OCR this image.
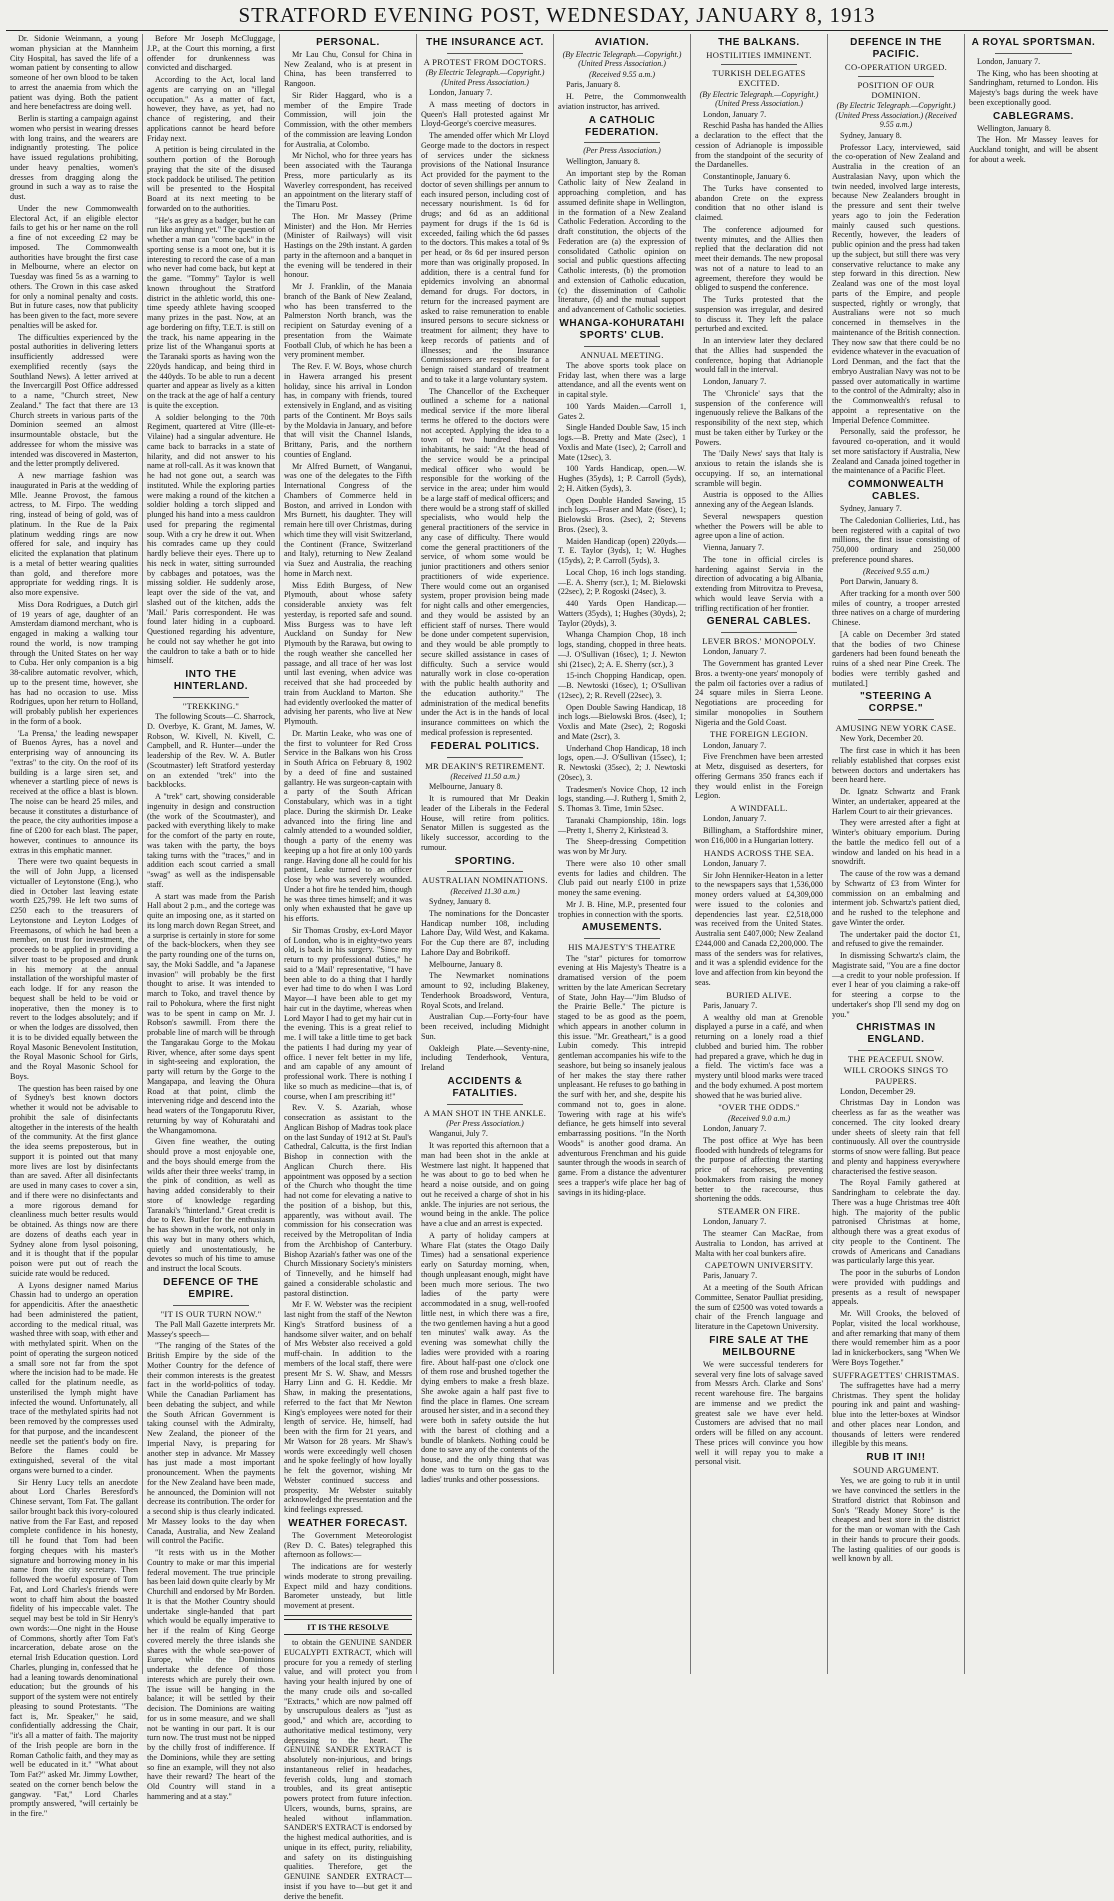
STRATFORD EVENING POST, WEDNESDAY, JANUARY 8, 1913

Dr. Sidonie Weinmann, a young woman physician at the Mannheim City Hospital, has saved the life of a woman patient by consenting to allow someone of her own blood to be taken to arrest the anaemia from which the patient was dying. Both the patient and here benefactress are doing well.

Berlin is starting a campaign against women who persist in wearing dresses with long trains, and the wearers are indignantly protesting. The police have issued regulations prohibiting, under heavy penalties, women's dresses from dragging along the ground in such a way as to raise the dust.

Under the new Commonwealth Electoral Act, if an eligible elector fails to get his or her name on the roll a fine of not exceeding £2 may be imposed. The Commonwealth authorities have brought the first case in Melbourne, where an elector on Tuesday was fined 5s as a warning to others. The Crown in this case asked for only a nominal penalty and costs. But in future cases, now that publicity has been given to the fact, more severe penalties will be asked for.

The difficulties experienced by the postal authorities in delivering letters insufficiently addressed were exemplified recently (says the Southland News). A letter arrived at the Invercargill Post Office addressed to a name, "Church street, New Zealand." The fact that there are 13 Church streets in various parts of the Dominion seemed an almost insurmountable obstacle, but the addressee for whom the missive was intended was discovered in Masterton, and the letter promptly delivered.

A new marriage fashion was inaugurated in Paris at the wedding of Mlle. Jeanne Provost, the famous actress, to M. Firpo. The wedding ring, instead of being of gold, was of platinum. In the Rue de la Paix platinum wedding rings are now offered for sale, and inquiry has elicited the explanation that platinum is a metal of better wearing qualities than gold, and therefore more appropriate for wedding rings. It is also more expensive.

Miss Dora Rodrigues, a Dutch girl of 19 years of age, daughter of an Amsterdam diamond merchant, who is engaged in making a walking tour round the world, is now tramping through the United States on her way to Cuba. Her only companion is a big 38-calibre automatic revolver, which, up to the present time, however, she has had no occasion to use. Miss Rodrigues, upon her return to Holland, will probably publish her experiences in the form of a book.

'La Prensa,' the leading newspaper of Buenos Ayres, has a novel and enterprising way of announcing its "extras" to the city. On the roof of its building is a large siren set, and whenever a startling piece of news is received at the office a blast is blown. The noise can be heard 25 miles, and because it constitutes a disturbance of the peace, the city authorities impose a fine of £200 for each blast. The paper, however, continues to announce its extras in this emphatic manner.

There were two quaint bequests in the will of John Jupp, a licensed victualler of Leytonstone (Eng.), who died in October last leaving estate worth £25,799. He left two sums of £250 each to the treasurers of Leytonstone and Leyton Lodges of Freemasons, of which he had been a member, on trust for investment, the proceeds to be applied in providing a silver toast to be proposed and drunk in his memory at the annual installation of the worshipful master of each lodge. If for any reason the bequest shall be held to be void or inoperative, then the money is to revert to the lodges absolutely; and if or when the lodges are dissolved, then it is to be divided equally between the Royal Masonic Benevolent Institution, the Royal Masonic School for Girls, and the Royal Masonic School for Boys.

The question has been raised by one of Sydney's best known doctors whether it would not be advisable to prohibit the sale of disinfectants altogether in the interests of the health of the community. At the first glance the idea seems preposterous, but in support it is pointed out that many more lives are lost by disinfectants than are saved. After all disinfectants are used in many cases to cover a sin, and if there were no disinfectants and a more rigorous demand for cleanliness much better results would be obtained. As things now are there are dozens of deaths each year in Sydney alone from lysol poisoning, and it is thought that if the popular poison were put out of reach the suicide rate would be reduced.

A Lyons designer named Marius Chassin had to undergo an operation for appendicitis. After the anaesthetic had been administered the patient, according to the medical ritual, was washed three with soap, with ether and with methylated spirit. When on the point of operating the surgeon noticed a small sore not far from the spot where the incision had to be made. He called for the platinum needle, as unsterilised the lymph might have infected the wound. Unfortunately, all trace of the methylated spirits had not been removed by the compresses used for that purpose, and the incandescent needle set the patient's body on fire. Before the flames could be extinguished, several of the vital organs were burned to a cinder.

Sir Henry Lucy tells an anecdote about Lord Charles Beresford's Chinese servant, Tom Fat. The gallant sailor brought back this ivory-coloured native from the Far East, and reposed complete confidence in his honesty, till he found that Tom had been forging cheques with his master's signature and borrowing money in his name from the city secretary. Then followed the woeful exposure of Tom Fat, and Lord Charles's friends were wont to chaff him about the boasted fidelity of his impeccable valet. The sequel may best be told in Sir Henry's own words:—One night in the House of Commons, shortly after Tom Fat's incarceration, debate arose on the eternal Irish Education question. Lord Charles, plunging in, confessed that he had a leaning towards denominational education; but the grounds of his support of the system were not entirely pleasing to sound Protestants. "The fact is, Mr. Speaker," he said, confidentially addressing the Chair, "it's all a matter of faith. The majority of the Irish people are born in the Roman Catholic faith, and they may as well be educated in it." "What about Tom Fat?" asked Mr. Jimmy Lowther, seated on the corner bench below the gangway. "Fat," Lord Charles promptly answered, "will certainly be in the fire."

Before Mr Joseph McCluggage, J.P., at the Court this morning, a first offender for drunkenness was convicted and discharged.

According to the Act, local land agents are carrying on an "illegal occupation." As a matter of fact, however, they have, as yet, had no chance of registering, and their applications cannot be heard before Friday next.

A petition is being circulated in the southern portion of the Borough praying that the site of the disused stock paddock be utilised. The petition will be presented to the Hospital Board at its next meeting to be forwarded on to the authorities.

"He's as grey as a badger, but he can run like anything yet." The question of whether a man can "come back" in the sporting sense is a moot one, but it is interesting to record the case of a man who never had come back, but kept at the game. "Tommy" Taylor is well known throughout the Stratford district in the athletic world, this one-time speedy athlete having scooped many prizes in the past. Now, at an age bordering on fifty, T.E.T. is still on the track, his name appearing in the prize list of the Whanganui sports at the Taranaki sports as having won the 220yds handicap, and being third in the 440yds. To be able to run a decent quarter and appear as lively as a kitten on the track at the age of half a century is quite the exception.

A soldier belonging to the 70th Regiment, quartered at Vitre (Ille-et-Vilaine) had a singular adventure. He came back to barracks in a state of hilarity, and did not answer to his name at roll-call. As it was known that he had not gone out, a search was instituted. While the exploring parties were making a round of the kitchen a soldier holding a torch slipped and plunged his hand into a mess cauldron used for preparing the regimental soup. With a cry he drew it out. When his comrades came up they could hardly believe their eyes. There up to his neck in water, sitting surrounded by cabbages and potatoes, was the missing soldier. He suddenly arose, leapt over the side of the vat, and slashed out of the kitchen, adds the 'Mail.' Paris correspondent. He was found later hiding in a cupboard. Questioned regarding his adventure, he could not say whether he got into the cauldron to take a bath or to hide himself.

INTO THE HINTERLAND.
"TREKKING."

The following Scouts—C. Sharrock, D. Overbye, K. Grant, M. James, W. Robson, W. Kivell, N. Kivell, C. Campbell, and R. Hunter—under the leadership of the Rev. W. A. Butler (Scoutmaster) left Stratford yesterday on an extended "trek" into the backblocks.

A "trek" cart, showing considerable ingenuity in design and construction (the work of the Scoutmaster), and packed with everything likely to make for the comfort of the party en route, was taken with the party, the boys taking turns with the "traces," and in addition each scout carried a small "swag" as well as the indispensable staff.

A start was made from the Parish Hall about 2 p.m., and the cortege was quite an imposing one, as it started on its long march down Regan Street, and a surprise is certainly in store for some of the back-blockers, when they see the party rounding one of the turns on, say, the Moki Saddle, and "a Japanese invasion" will probably be the first thought to arise. It was intended to march to Toko, and travel thence by rail to Pohokura, where the first night was to be spent in camp on Mr. J. Robson's sawmill. From there the probable line of march will be through the Tangarakau Gorge to the Mokau River, whence, after some days spent in sight-seeing and exploration, the party will return by the Gorge to the Mangapapa, and leaving the Ohura Road at that point, climb the intervening ridge and descend into the head waters of the Tongaporutu River, returning by way of Kohuratahi and the Whangamomona.

Given fine weather, the outing should prove a most enjoyable one, and the boys should emerge from the wilds after their three weeks' tramp, in the pink of condition, as well as having added considerably to their store of knowledge regarding Taranaki's "hinterland." Great credit is due to Rev. Butler for the enthusiasm he has shown in the work, not only in this way but in many others which, quietly and unostentatiously, he devotes so much of his time to amuse and instruct the local Scouts.

DEFENCE OF THE EMPIRE.
"IT IS OUR TURN NOW."

The Pall Mall Gazette interprets Mr. Massey's speech—

"The ranging of the States of the British Empire by the side of the Mother Country for the defence of their common interests is the greatest fact in the world-politics of today. While the Canadian Parliament has been debating the subject, and while the South African Government is taking counsel with the Admiralty, New Zealand, the pioneer of the Imperial Navy, is preparing for another step in advance. Mr Massey has just made a most important pronouncement. When the payments for the New Zealand have been made, he announced, the Dominion will not decrease its contribution. The order for a second ship is thus clearly indicated. Mr Massey looks to the day when Canada, Australia, and New Zealand will control the Pacific.

"It rests with us in the Mother Country to make or mar this imperial federal movement. The true principle has been laid down quite clearly by Mr Churchill and endorsed by Mr Borden. It is that the Mother Country should undertake single-handed that part which would be equally imperative to her if the realm of King George covered merely the three islands she shares with the whole sea-power of Europe, while the Dominions undertake the defence of those interests which are purely their own. The issue will be hanging in the balance; it will be settled by their decision. The Dominions are waiting for us in some measure, and we shall not be wanting in our part. It is our turn now. The trust must not be nipped by the chilly frost of indifference. If the Dominions, while they are setting so fine an example, will they not also have their reward? The heart of the Old Country will stand in a hammering and at a stay."

PERSONAL.

Mr Lau Chu, Consul for China in New Zealand, who is at present in China, has been transferred to Rangoon.

Sir Rider Haggard, who is a member of the Empire Trade Commission, will join the Commission, with the other members of the commission are leaving London for Australia, at Colombo.

Mr Nichol, who for three years has been associated with the Tauranga Press, more particularly as its Waverley correspondent, has received an appointment on the literary staff of the Timaru Post.

The Hon. Mr Massey (Prime Minister) and the Hon. Mr Herries (Minister of Railways) will visit Hastings on the 29th instant. A garden party in the afternoon and a banquet in the evening will be tendered in their honour.

Mr J. Franklin, of the Manaia branch of the Bank of New Zealand, who has been transferred to the Palmerston North branch, was the recipient on Saturday evening of a presentation from the Waimate Football Club, of which he has been a very prominent member.

The Rev. F. W. Boys, whose church in Hawera arranged his present holiday, since his arrival in London has, in company with friends, toured extensively in England, and as visiting parts of the Continent. Mr Boys sails by the Moldavia in January, and before that will visit the Channel Islands, Brittany, Paris, and the northern counties of England.

Mr Alfred Burnett, of Wanganui, was one of the delegates to the Fifth International Congress of the Chambers of Commerce held in Boston, and arrived in London with Mrs Burnett, his daughter. They will remain here till over Christmas, during which time they will visit Switzerland, the Continent (France, Switzerland and Italy), returning to New Zealand via Suez and Australia, the reaching home in March next.

Miss Edith Burgess, of New Plymouth, about whose safety considerable anxiety was felt yesterday, is reported safe and sound. Miss Burgess was to have left Auckland on Sunday for New Plymouth by the Rarawa, but owing to the rough weather she cancelled her passage, and all trace of her was lost until last evening, when advice was received that she had proceeded by train from Auckland to Marton. She had evidently overlooked the matter of advising her parents, who live at New Plymouth.

Dr. Martin Leake, who was one of the first to volunteer for Red Cross Service in the Balkans won his Cross in South Africa on February 8, 1902 by a deed of fine and sustained gallantry. He was surgeon-captain with a party of the South African Constabulary, which was in a tight place. During the skirmish Dr. Leake advanced into the firing line and calmly attended to a wounded soldier, though a party of the enemy was keeping up a hot fire at only 100 yards range. Having done all he could for his patient, Leake turned to an officer close by who was severely wounded. Under a hot fire he tended him, though he was three times himself; and it was only when exhausted that he gave up his efforts.

Sir Thomas Crosby, ex-Lord Mayor of London, who is in eighty-two years old, is back in his surgery. "Since my return to my professional duties," he said to a 'Mail' representative, "I have been able to do a thing that I hardly ever had time to do when I was Lord Mayor—I have been able to get my hair cut in the daytime, whereas when Lord Mayor I had to get my hair cut in the evening. This is a great relief to me. I will take a little time to get back the patients I had during my year of office. I never felt better in my life, and am capable of any amount of professional work. There is nothing I like so much as medicine—that is, of course, when I am prescribing it!"

Rev. V. S. Azariah, whose consecration as assistant to the Anglican Bishop of Madras took place on the last Sunday of 1912 at St. Paul's Cathedral, Calcutta, is the first Indian Bishop in connection with the Anglican Church there. His appointment was opposed by a section of the Church who thought the time had not come for elevating a native to the position of a bishop, but this, apparently, was without avail. The commission for his consecration was received by the Metropolitan of India from the Archbishop of Canterbury. Bishop Azariah's father was one of the Church Missionary Society's ministers of Tinnevelly, and he himself had gained a considerable scholastic and pastoral distinction.

Mr F. W. Webster was the recipient last night from the staff of the Newton King's Stratford business of a handsome silver waiter, and on behalf of Mrs Webster also received a gold muff-chain. In addition to the members of the local staff, there were present Mr S. W. Shaw, and Messrs Harry Linn and G. H. Keddie. Mr Shaw, in making the presentations, referred to the fact that Mr Newton King's employees were noted for their length of service. He, himself, had been with the firm for 21 years, and Mr Watson for 28 years. Mr Shaw's words were exceedingly well chosen and he spoke feelingly of how loyally he felt the governor, wishing Mr Webster continued success and prosperity. Mr Webster suitably acknowledged the presentation and the kind feelings expressed.

WEATHER FORECAST.

The Government Meteorologist (Rev D. C. Bates) telegraphed this afternoon as follows:—

The indications are for westerly winds moderate to strong prevailing. Expect mild and hazy conditions. Barometer unsteady, but little movement at present.

IT IS THE RESOLVE

to obtain the GENUINE SANDER EUCALYPTI EXTRACT, which will procure for you a remedy of sterling value, and will protect you from having your health injured by one of the many crude oils and so-called "Extracts," which are now palmed off by unscrupulous dealers as "just as good," and which are, according to authoritative medical testimony, very depressing to the heart. The GENUINE SANDER EXTRACT is absolutely non-injurious, and brings instantaneous relief in headaches, feverish colds, lung and stomach troubles, and its great antiseptic powers protect from future infection. Ulcers, wounds, burns, sprains, are healed without inflammation. SANDER'S EXTRACT is endorsed by the highest medical authorities, and is unique in its effect, purity, reliability, and safety on its distinguishing qualities. Therefore, get the GENUINE SANDER EXTRACT—insist if you have to—but get it and derive the benefit.

THE INSURANCE ACT.
A PROTEST FROM DOCTORS.
(By Electric Telegraph.—Copyright.) (United Press Association.)

London, January 7.

A mass meeting of doctors in Queen's Hall protested against Mr Lloyd-George's coercive measures.

The amended offer which Mr Lloyd George made to the doctors in respect of services under the sickness provisions of the National Insurance Act provided for the payment to the doctor of seven shillings per annum to each insured person, including cost of necessary nourishment. 1s 6d for drugs; and 6d as an additional payment for drugs if the 1s 6d is exceeded, failing which the 6d passes to the doctors. This makes a total of 9s per head, or 8s 6d per insured person more than was originally proposed. In addition, there is a central fund for epidemics involving an abnormal demand for drugs. For doctors, in return for the increased payment are asked to raise remuneration to enable insured persons to secure sickness or treatment for ailment; they have to keep records of patients and of illnesses; and the Insurance Commissioners are responsible for a benign raised standard of treatment and to take it a large voluntary system.

The Chancellor of the Exchequer outlined a scheme for a national medical service if the more liberal terms he offered to the doctors were not accepted. Applying the idea to a town of two hundred thousand inhabitants, he said: "At the head of the service would be a principal medical officer who would be responsible for the working of the service in the area; under him would be a large staff of medical officers; and there would be a strong staff of skilled specialists, who would help the general practitioners of the service in any case of difficulty. There would come the general practitioners of the service, of whom some would be junior practitioners and others senior practitioners of wide experience. There would come out an organised system, proper provision being made for night calls and other emergencies, and they would be assisted by an efficient staff of nurses. There would be done under competent supervision, and they would be able promptly to secure skilled assistance in cases of difficulty. Such a service would naturally work in close co-operation with the public health authority and the education authority." The administration of the medical benefits under the Act is in the hands of local insurance committees on which the medical profession is represented.

FEDERAL POLITICS.
MR DEAKIN'S RETIREMENT.
(Received 11.50 a.m.)

Melbourne, January 8.

It is rumoured that Mr Deakin leader of the Liberals in the Federal House, will retire from politics. Senator Millen is suggested as the likely successor, according to the rumour.

SPORTING.
AUSTRALIAN NOMINATIONS.
(Received 11.30 a.m.)

Sydney, January 8.

The nominations for the Doncaster Handicap number 108, including Lahore Day, Wild West, and Kakama. For the Cup there are 87, including Lahore Day and Bobrikoff.

Melbourne, January 8.

The Newmarket nominations amount to 92, including Blakeney, Tenderhook Broadsword, Ventura, Royal Scots, and Ireland.

Australian Cup.—Forty-four have been received, including Midnight Sun.

Oakleigh Plate.—Seventy-nine, including Tenderhook, Ventura, Ireland

ACCIDENTS & FATALITIES.
A MAN SHOT IN THE ANKLE.
(Per Press Association.)

Wanganui, July 7.

It was reported this afternoon that a man had been shot in the ankle at Westmere last night. It happened that he was about to go to bed when he heard a noise outside, and on going out he received a charge of shot in his ankle. The injuries are not serious, the wound being in the ankle. The police have a clue and an arrest is expected.

A party of holiday campers at Whare Flat (states the Otago Daily Times) had a sensational experience early on Saturday morning, when, though unpleasant enough, might have been much more serious. The two ladies of the party were accommodated in a snug, well-roofed little nest, in which there was a fire, the two gentlemen having a hut a good ten minutes' walk away. As the evening was somewhat chilly the ladies were provided with a roaring fire. About half-past one o'clock one of them rose and brushed together the dying embers to make a fresh blaze. She awoke again a half past five to find the place in flames. One scream aroused her sister, and in a second they were both in safety outside the hut with the barest of clothing and a bundle of blankets. Nothing could be done to save any of the contents of the house, and the only thing that was done was to turn on the gas to the ladies' trunks and other possessions.

AVIATION.
(By Electric Telegraph.—Copyright.) (United Press Association.)
(Received 9.55 a.m.)

Paris, January 8.

H. Petre, the Commonwealth aviation instructor, has arrived.

A CATHOLIC FEDERATION.
(Per Press Association.)

Wellington, January 8.

An important step by the Roman Catholic laity of New Zealand in approaching completion, and has assumed definite shape in Wellington, in the formation of a New Zealand Catholic Federation. According to the draft constitution, the objects of the Federation are (a) the expression of consolidated Catholic opinion on social and public questions affecting Catholic interests, (b) the promotion and extension of Catholic education, (c) the dissemination of Catholic literature, (d) and the mutual support and advancement of Catholic societies.

WHANGA-KOHURATAHI SPORTS' CLUB.
ANNUAL MEETING.

The above sports took place on Friday last, when there was a large attendance, and all the events went on in capital style.

100 Yards Maiden.—Carroll 1, Gates 2.

Single Handed Double Saw, 15 inch logs.—B. Pretty and Mate (2sec), 1 Voxlis and Mate (1sec), 2; Carroll and Mate (12sec), 3.

100 Yards Handicap, open.—W. Hughes (35yds), 1; P. Carroll (5yds), 2; H. Aitken (5yds), 3.

Open Double Handed Sawing, 15 inch logs.—Fraser and Mate (6sec), 1; Bielowski Bros. (2sec), 2; Stevens Bros. (2sec), 3.

Maiden Handicap (open) 220yds.—T. E. Taylor (3yds), 1; W. Hughes (15yds), 2; P. Carroll (5yds), 3.

Local Chop, 16 inch logs standing.—E. A. Sherry (scr.), 1; M. Bielowski (22sec), 2; P. Rogoski (24sec), 3.

440 Yards Open Handicap.—Watters (35yds), 1; Hughes (30yds), 2; Taylor (20yds), 3.

Whanga Champion Chop, 18 inch logs, standing, chopped in three heats.—J. O'Sullivan (16sec), 1; J. Newton shi (21sec), 2; A. E. Sherry (scr.), 3

15-inch Chopping Handicap, open.—B. Newtoski (16sec), 1; O'Sullivan (12sec), 2; R. Revell (22sec), 3.

Open Double Sawing Handicap, 18 inch logs.—Bielowski Bros. (4sec), 1; Voxlis and Mate (2sec), 2; Rogoski and Mate (2scr), 3.

Underhand Chop Handicap, 18 inch logs, open.—J. O'Sullivan (15sec), 1; R. Newtoski (35sec), 2; J. Newtoski (20sec), 3.

Tradesmen's Novice Chop, 12 inch logs, standing.—J. Rutherg 1, Smith 2, S. Thomas 3. Time, 1min 52sec.

Taranaki Championship, 18in. logs—Pretty 1, Sherry 2, Kirkstead 3.

The Sheep-dressing Competition was won by Mr Jury.

There were also 10 other small events for ladies and children. The Club paid out nearly £100 in prize money the same evening.

Mr J. B. Hine, M.P., presented four trophies in connection with the sports.

AMUSEMENTS.
HIS MAJESTY'S THEATRE

The "star" pictures for tomorrow evening at His Majesty's Theatre is a dramatised version of the poem written by the late American Secretary of State, John Hay—"Jim Bludso of the Prairie Belle." The picture is staged to be as good as the poem, which appears in another column in this issue. "Mr. Greatheart," is a good Lubin comedy. This intrepid gentleman accompanies his wife to the seashore, but being so insanely jealous of her makes the stay there rather unpleasant. He refuses to go bathing in the surf with her, and she, despite his command not to, goes in alone. Towering with rage at his wife's defiance, he gets himself into several embarrassing positions. "In the North Woods" is another good drama. An adventurous Frenchman and his guide saunter through the woods in search of game. From a distance the adventurer sees a trapper's wife place her bag of savings in its hiding-place.

THE BALKANS.
HOSTILITIES IMMINENT.
TURKISH DELEGATES EXCITED.
(By Electric Telegraph.—Copyright.) (United Press Association.)

London, January 7.

Reschid Pasha has handed the Allies a declaration to the effect that the cession of Adrianople is impossible from the standpoint of the security of the Dardanelles.

Constantinople, January 6.

The Turks have consented to abandon Crete on the express condition that no other island is claimed.

The conference adjourned for twenty minutes, and the Allies then replied that the declaration did not meet their demands. The new proposal was not of a nature to lead to an agreement, therefore they would be obliged to suspend the conference.

The Turks protested that the suspension was irregular, and desired to discuss it. They left the palace perturbed and excited.

In an interview later they declared that the Allies had suspended the conference, hoping that Adrianople would fall in the interval.

London, January 7.

The 'Chronicle' says that the suspension of the conference will ingenuously relieve the Balkans of the responsibility of the next step, which must be taken either by Turkey or the Powers.

The 'Daily News' says that Italy is anxious to retain the islands she is occupying. If so, an international scramble will begin.

Austria is opposed to the Allies annexing any of the Aegean Islands.

Several newspapers question whether the Powers will be able to agree upon a line of action.

Vienna, January 7.

The tone in official circles is hardening against Servia in the direction of advocating a big Albania, extending from Mitrovitza to Prevesa, which would leave Servia with a trifling rectification of her frontier.

GENERAL CABLES.
LEVER BROS.' MONOPOLY.

London, January 7.

The Government has granted Lever Bros. a twenty-one years' monopoly of the palm oil factories over a radius of 24 square miles in Sierra Leone. Negotiations are proceeding for similar monopolies in Southern Nigeria and the Gold Coast.

THE FOREIGN LEGION.

London, January 7.

Five Frenchmen have been arrested at Metz, disguised as deserters, for offering Germans 350 francs each if they would enlist in the Foreign Legion.

A WINDFALL.

London, January 7.

Billingham, a Staffordshire miner, won £16,000 in a Hungarian lottery.

HANDS ACROSS THE SEA.

London, January 7.

Sir John Henniker-Heaton in a letter to the newspapers says that 1,536,000 money orders valued at £4,309,000 were issued to the colonies and dependencies last year. £2,518,000 was received from the United States. Australia sent £407,000; New Zealand £244,000 and Canada £2,200,000. The mass of the senders was for relatives, and it was a splendid evidence for the love and affection from kin beyond the seas.

BURIED ALIVE.

Paris, January 7.

A wealthy old man at Grenoble displayed a purse in a café, and when returning on a lonely road a thief clubbed and buried him. The robber had prepared a grave, which he dug in a field. The victim's face was a mystery until blood marks were traced and the body exhumed. A post mortem showed that he was buried alive.

"OVER THE ODDS."
(Received 9.0 a.m.)

London, January 7.

The post office at Wye has been flooded with hundreds of telegrams for the purpose of affecting the starting price of racehorses, preventing bookmakers from raising the money better to the racecourse, thus shortening the odds.

STEAMER ON FIRE.

London, January 7.

The steamer Can MacRae, from Australia to London, has arrived at Malta with her coal bunkers afire.

CAPETOWN UNIVERSITY.

Paris, January 7.

At a meeting of the South African Committee, Senator Paulliat presiding, the sum of £2500 was voted towards a chair of the French language and literature in the Capetown University.

FIRE SALE AT THE MEILBOURNE

We were successful tenderers for several very fine lots of salvage saved from Messrs Arch. Clarke and Sons' recent warehouse fire. The bargains are immense and we predict the greatest sale we have ever held. Customers are advised that no mail orders will be filled on any account. These prices will convince you how well it will repay you to make a personal visit.

DEFENCE IN THE PACIFIC.
CO-OPERATION URGED.
POSITION OF OUR DOMINION.
(By Electric Telegraph.—Copyright.) (United Press Association.) (Received 9.55 a.m.)

Sydney, January 8.

Professor Lacy, interviewed, said the co-operation of New Zealand and Australia in the creation of an Australasian Navy, upon which the twin needed, involved large interests, because New Zealanders brought in the pressure and sent their twelve years ago to join the Federation mainly caused such questions. Recently, however, the leaders of public opinion and the press had taken up the subject, but still there was very conservative reluctance to make any step forward in this direction. New Zealand was one of the most loyal parts of the Empire, and people suspected, rightly or wrongly, that Australians were not so much concerned in themselves in the maintenance of the British connection. They now saw that there could be no evidence whatever in the evacuation of Lord Denman, and the fact that the embryo Australian Navy was not to be passed over automatically in wartime to the control of the Admiralty; also in the Commonwealth's refusal to appoint a representative on the Imperial Defence Committee.

Personally, said the professor, he favoured co-operation, and it would set more satisfactory if Australia, New Zealand and Canada joined together in the maintenance of a Pacific Fleet.

COMMONWEALTH CABLES.

Sydney, January 7.

The Caledonian Collieries, Ltd., has been registered with a capital of two millions, the first issue consisting of 750,000 ordinary and 250,000 preference pound shares.

(Received 9.55 a.m.)

Port Darwin, January 8.

After tracking for a month over 500 miles of country, a trooper arrested three natives on a charge of murdering Chinese.

[A cable on December 3rd stated that the bodies of two Chinese gardeners had been found beneath the ruins of a shed near Pine Creek. The bodies were terribly gashed and mutilated.]

"STEERING A CORPSE."
AMUSING NEW YORK CASE.

New York, December 20.

The first case in which it has been reliably established that corpses exist between doctors and undertakers has been heard here.

Dr. Ignatz Schwartz and Frank Winter, an undertaker, appeared at the Harlem Court to air their grievances.

They were arrested after a fight at Winter's obituary emporium. During the battle the medico fell out of a window and landed on his head in a snowdrift.

The cause of the row was a demand by Schwartz of £3 from Winter for commission on an embalming and interment job. Schwartz's patient died, and he rushed to the telephone and gave Winter the order.

The undertaker paid the doctor £1, and refused to give the remainder.

In dismissing Schwartz's claim, the Magistrate said, "You are a fine doctor—a credit to your noble profession. If ever I hear of you claiming a rake-off for steering a corpse to the undertaker's shop I'll send my dog on you."

CHRISTMAS IN ENGLAND.
THE PEACEFUL SNOW.
WILL CROOKS SINGS TO PAUPERS.

London, December 29.

Christmas Day in London was cheerless as far as the weather was concerned. The city looked dreary under sheets of sleety rain that fell continuously. All over the countryside storms of snow were falling. But peace and plenty and happiness everywhere characterised the festive season.

The Royal Family gathered at Sandringham to celebrate the day. There was a huge Christmas tree 40ft high. The majority of the public patronised Christmas at home, although there was a great exodus of city people to the Continent. The crowds of Americans and Canadians was particularly large this year.

The poor in the suburbs of London were provided with puddings and presents as a result of newspaper appeals.

Mr. Will Crooks, the beloved of Poplar, visited the local workhouse, and after remarking that many of them there would remember him as a poor lad in knickerbockers, sang "When We Were Boys Together."

SUFFRAGETTES' CHRISTMAS.

The suffragettes have had a merry Christmas. They spent the holiday pouring ink and paint and washing-blue into the letter-boxes at Windsor and other places near London, and thousands of letters were rendered illegible by this means.

RUB IT IN!!
SOUND ARGUMENT.

Yes, we are going to rub it in until we have convinced the settlers in the Stratford district that Robinson and Son's "Ready Money Store" is the cheapest and best store in the district for the man or woman with the Cash in their hands to procure their goods. The lasting qualities of our goods is well known by all.

A ROYAL SPORTSMAN.

London, January 7.

The King, who has been shooting at Sandringham, returned to London. His Majesty's bags during the week have been exceptionally good.

CABLEGRAMS.

Wellington, January 8.

The Hon. Mr Massey leaves for Auckland tonight, and will be absent for about a week.
